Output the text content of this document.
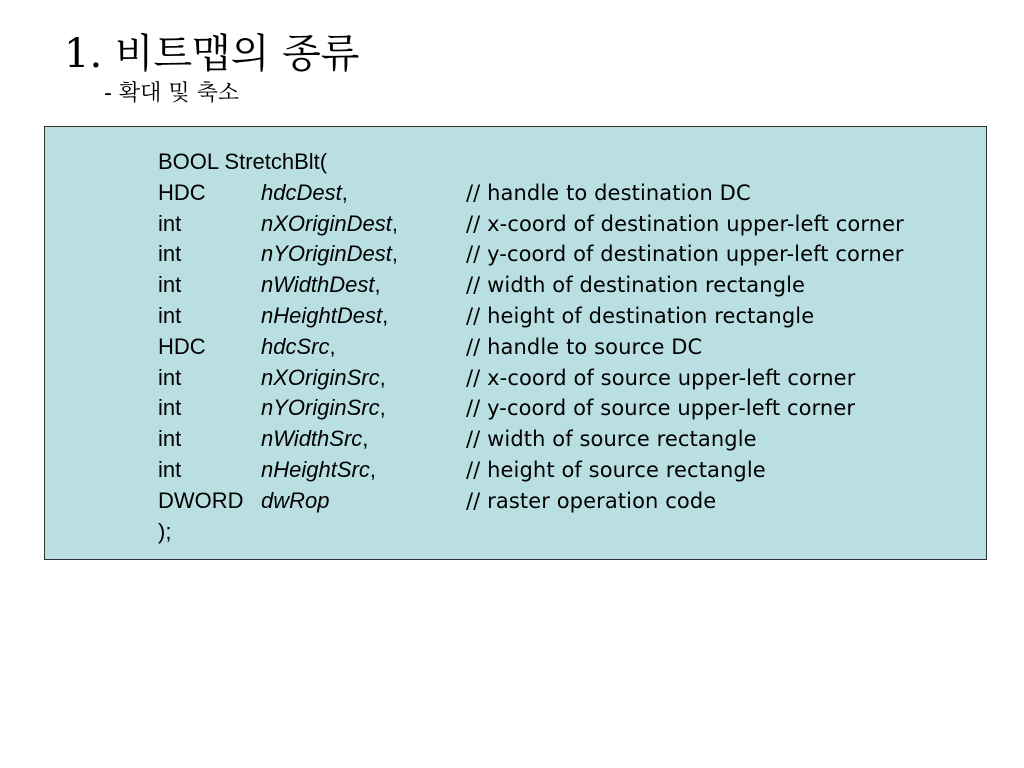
1. 비트맵의 종류
- 확대 및 축소
BOOL StretchBlt(
HDC	hdcDest,	// handle to destination DC
int	nXOriginDest,	// x-coord of destination upper-left corner
int	nYOriginDest,	// y-coord of destination upper-left corner
int	nWidthDest,	// width of destination rectangle
int	nHeightDest,	// height of destination rectangle
HDC	hdcSrc,	// handle to source DC
int	nXOriginSrc,	// x-coord of source upper-left corner
int	nYOriginSrc,	// y-coord of source upper-left corner
int	nWidthSrc,	// width of source rectangle
int	nHeightSrc,	// height of source rectangle
DWORD dwRop	// raster operation code
);
